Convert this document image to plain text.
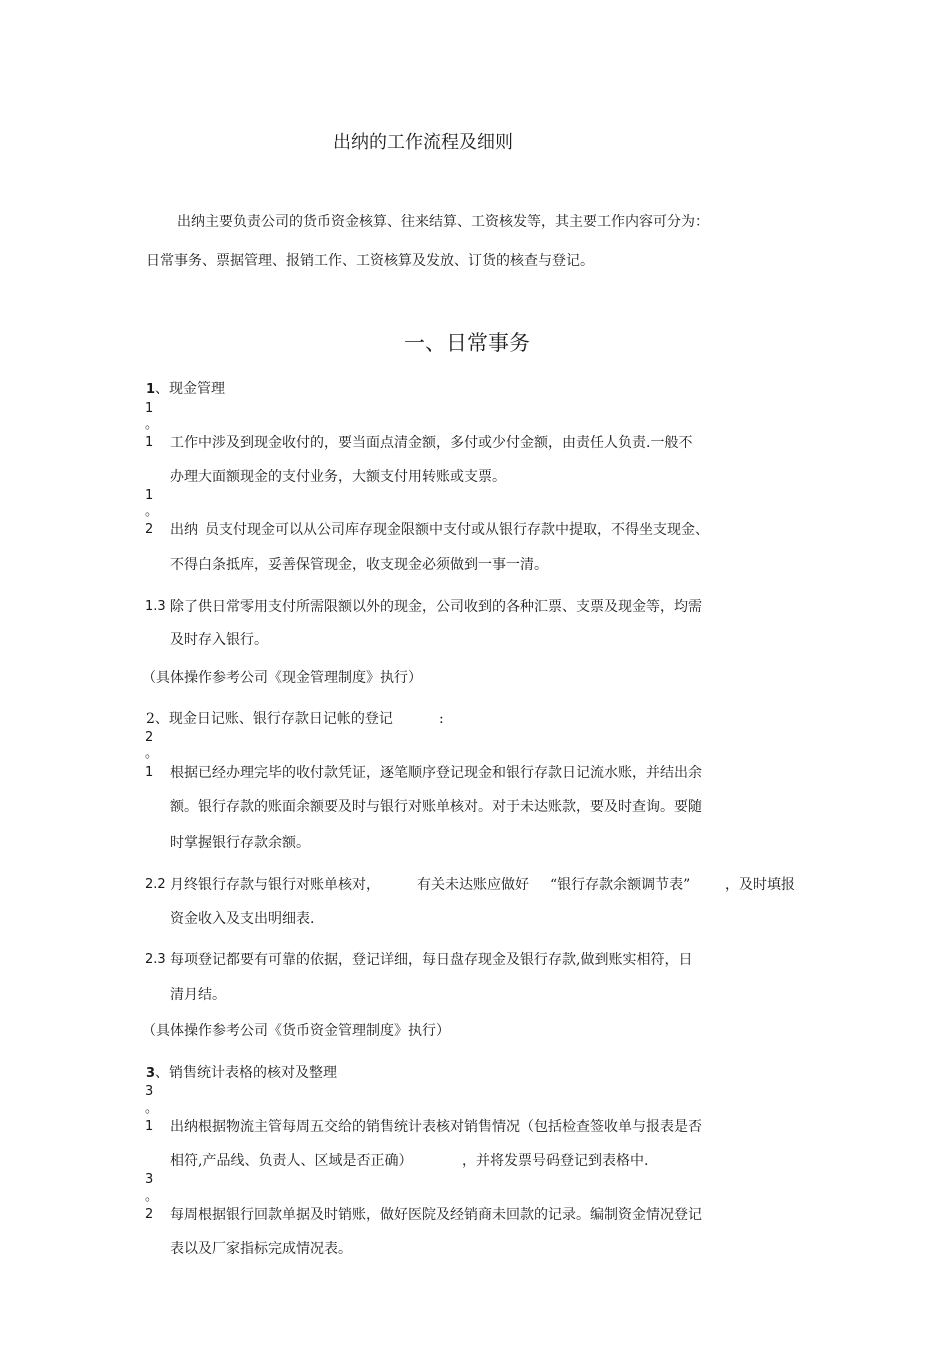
出纳的工作流程及细则
出纳主要负责公司的货币资金核算、往来结算、工资核发等，其主要工作内容可分为：
日常事务、票据管理、报销工作、工资核算及发放、订货的核查与登记。
一、日常事务
1、现金管理
1
。
1 工作中涉及到现金收付的，要当面点清金额，多付或少付金额，由责任人负责.一般不
办理大面额现金的支付业务，大额支付用转账或支票。
1
。
2 出纳 员支付现金可以从公司库存现金限额中支付或从银行存款中提取，不得坐支现金、
不得白条抵库，妥善保管现金，收支现金必须做到一事一清。
1.3 除了供日常零用支付所需限额以外的现金，公司收到的各种汇票、支票及现金等，均需
及时存入银行。
（具体操作参考公司《现金管理制度》执行）
2、现金日记账、银行存款日记帐的登记	:
2
。
1 根据已经办理完毕的收付款凭证，逐笔顺序登记现金和银行存款日记流水账，并结出余
额。银行存款的账面余额要及时与银行对账单核对。对于未达账款，要及时查询。要随
时掌握银行存款余额。
2.2 月终银行存款与银行对账单核对，	有关未达账应做好 “银行存款余额调节表” ，及时填报
资金收入及支出明细表.
2.3 每项登记都要有可靠的依据，登记详细，每日盘存现金及银行存款,做到账实相符，日
清月结。
（具体操作参考公司《货币资金管理制度》执行）
3、销售统计表格的核对及整理
3
。
1 出纳根据物流主管每周五交给的销售统计表核对销售情况（包括检查签收单与报表是否
相符,产品线、负责人、区域是否正确）	，并将发票号码登记到表格中.
3
。
2 每周根据银行回款单据及时销账，做好医院及经销商未回款的记录。编制资金情况登记
表以及厂家指标完成情况表。
